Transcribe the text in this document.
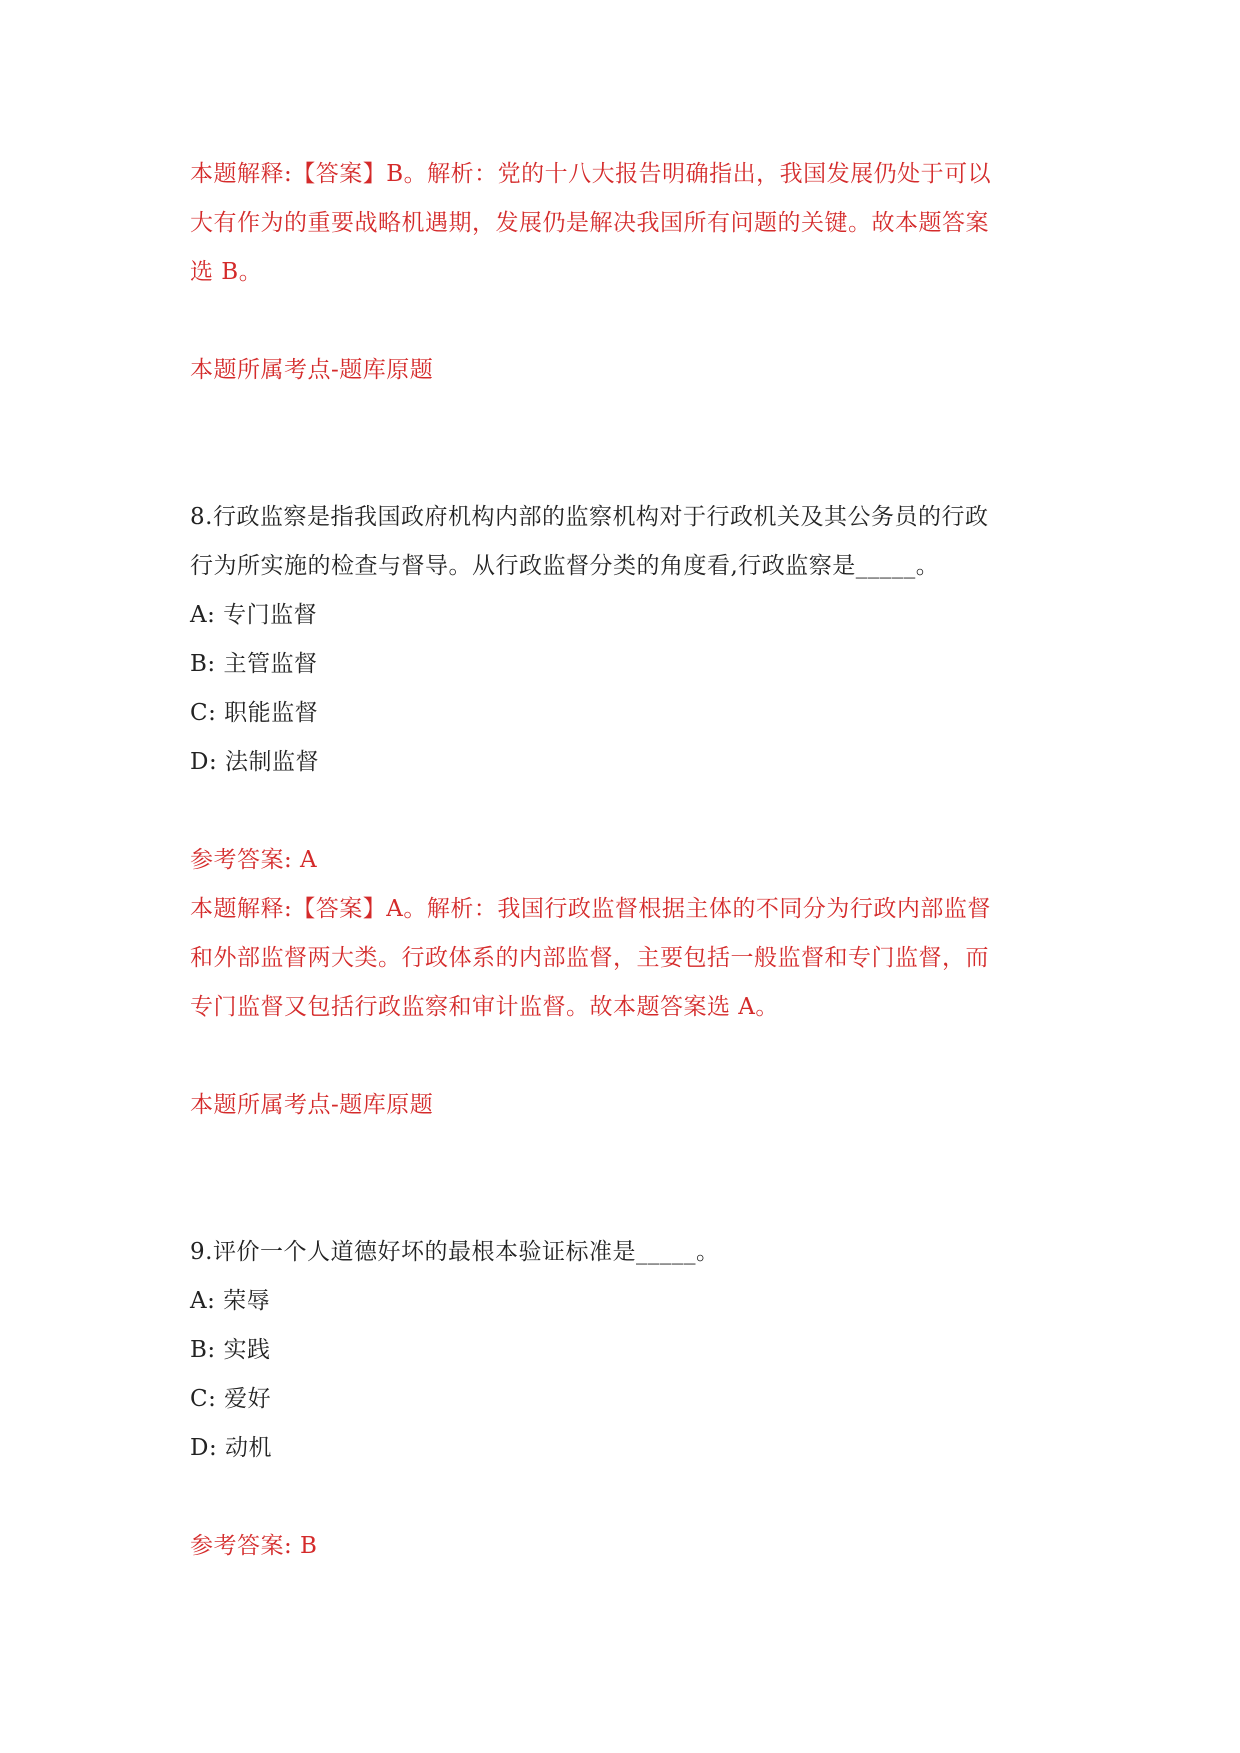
本题解释:【答案】B。解析：党的十八大报告明确指出，我国发展仍处于可以
大有作为的重要战略机遇期，发展仍是解决我国所有问题的关键。故本题答案
选 B。
本题所属考点-题库原题
8.行政监察是指我国政府机构内部的监察机构对于行政机关及其公务员的行政
行为所实施的检查与督导。从行政监督分类的角度看,行政监察是_____。
A: 专门监督
B: 主管监督
C: 职能监督
D: 法制监督
参考答案: A
本题解释:【答案】A。解析：我国行政监督根据主体的不同分为行政内部监督
和外部监督两大类。行政体系的内部监督，主要包括一般监督和专门监督，而
专门监督又包括行政监察和审计监督。故本题答案选 A。
本题所属考点-题库原题
9.评价一个人道德好坏的最根本验证标准是_____。
A: 荣辱
B: 实践
C: 爱好
D: 动机
参考答案: B
